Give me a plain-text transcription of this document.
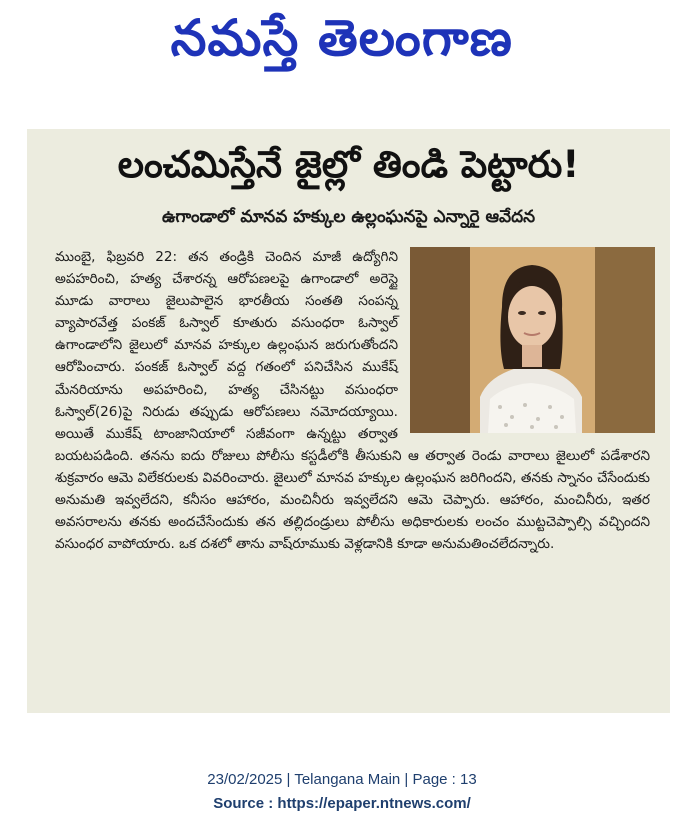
నమస్తే తెలంగాణ
లంచమిస్తేనే జైల్లో తిండి పెట్టారు!
ఉగాండాలో మానవ హక్కుల ఉల్లంఘనపై ఎన్నారై ఆవేదన

ముంబై, ఫిబ్రవరి 22: తన తండ్రికి చెందిన మాజీ ఉద్యోగిని అపహరించి, హత్య చేశారన్న ఆరోపణలపై ఉగాండాలో అరెస్టై మూడు వారాలు జైలుపాలైన భారతీయ సంతతి సంపన్న వ్యాపారవేత్త పంకజ్ ఓస్వాల్ కూతురు వసుంధరా ఓస్వాల్ ఉగాండాలోని జైలులో మానవ హక్కుల ఉల్లంఘన జరుగుతోందని ఆరోపించారు. పంకజ్ ఓస్వాల్ వద్ద గతంలో పనిచేసిన ముకేష్ మేనరియాను అపహరించి, హత్య చేసినట్టు వసుంధరా ఓస్వాల్(26)పై నిరుడు తప్పుడు ఆరోపణలు నమోదయ్యాయి. అయితే ముకేష్ టాంజానియాలో సజీవంగా ఉన్నట్టు తర్వాత బయటపడింది. తనను ఐదు రోజులు పోలీసు కస్టడీలోకి తీసుకుని ఆ తర్వాత రెండు వారాలు జైలులో పడేశారని శుక్రవారం ఆమె విలేకరులకు వివరించారు. జైలులో మానవ హక్కుల ఉల్లంఘన జరిగిందని, తనకు స్నానం చేసేందుకు అనుమతి ఇవ్వలేదని, కనీసం ఆహారం, మంచినీరు ఇవ్వలేదని ఆమె చెప్పారు. ఆహారం, మంచినీరు, ఇతర అవసరాలను తనకు అందచేసేందుకు తన తల్లిదండ్రులు పోలీసు అధికారులకు లంచం ముట్టచెప్పాల్సి వచ్చిందని వసుంధర వాపోయారు. ఒక దశలో తాను వాష్‌రూముకు వెళ్లడానికి కూడా అనుమతించలేదన్నారు.

23/02/2025 | Telangana Main | Page : 13
Source : https://epaper.ntnews.com/
